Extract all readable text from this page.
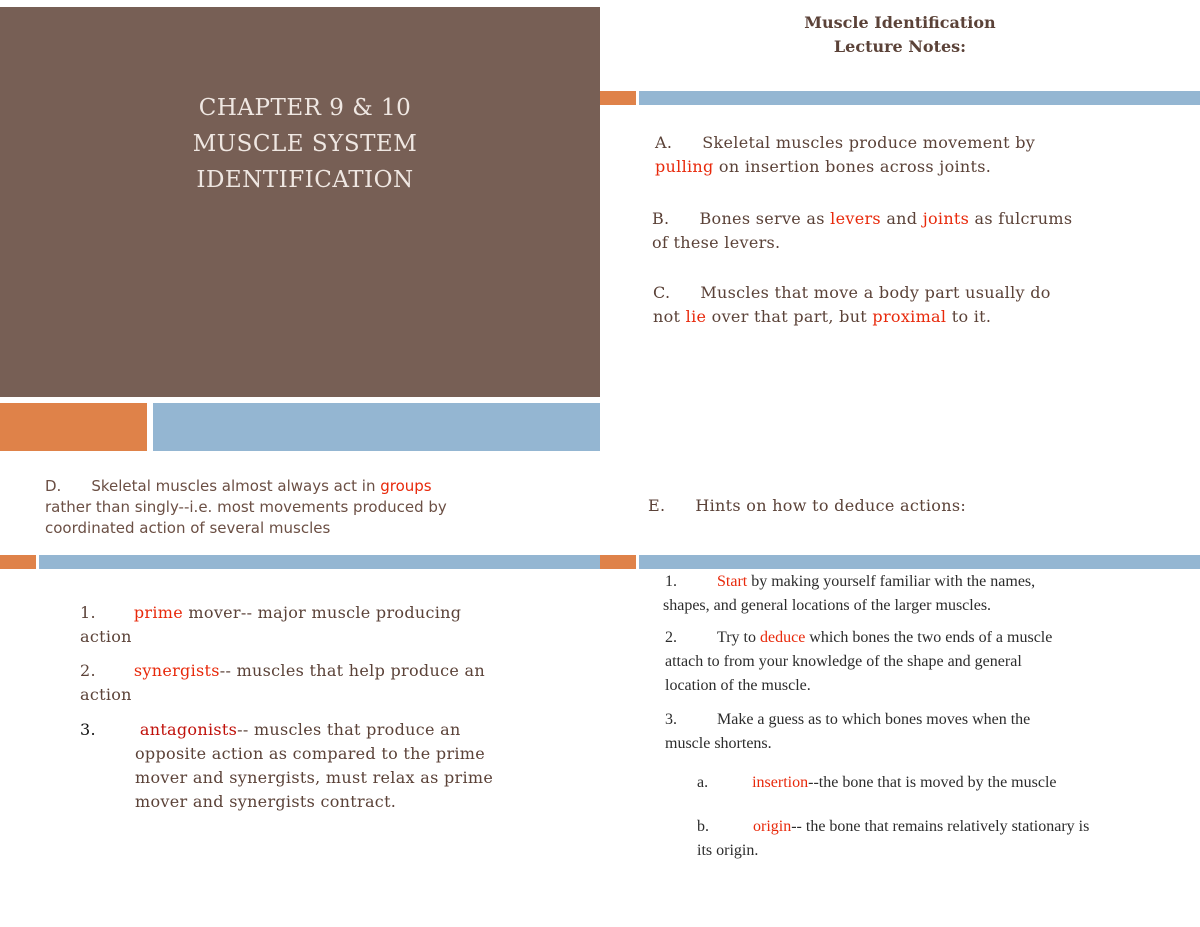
CHAPTER 9 & 10
MUSCLE SYSTEM
IDENTIFICATION
Muscle Identification
Lecture Notes:
A. Skeletal muscles produce movement by
pulling on insertion bones across joints.
B. Bones serve as levers and joints as fulcrums
of these levers.
C. Muscles that move a body part usually do
not lie over that part, but proximal to it.
D. Skeletal muscles almost always act in groups
rather than singly--i.e. most movements produced by
coordinated action of several muscles
1. prime mover-- major muscle producing
action
2. synergists-- muscles that help produce an
action
3.	antagonists-- muscles that produce an
opposite action as compared to the prime
mover and synergists, must relax as prime
mover and synergists contract.
E. Hints on how to deduce actions:
1.	Start by making yourself familiar with the names,
shapes, and general locations of the larger muscles.
2.	Try to deduce which bones the two ends of a muscle
attach to from your knowledge of the shape and general
location of the muscle.
3.	Make a guess as to which bones moves when the
muscle shortens.
a.	insertion--the bone that is moved by the muscle
b.	origin-- the bone that remains relatively stationary is
its origin.
